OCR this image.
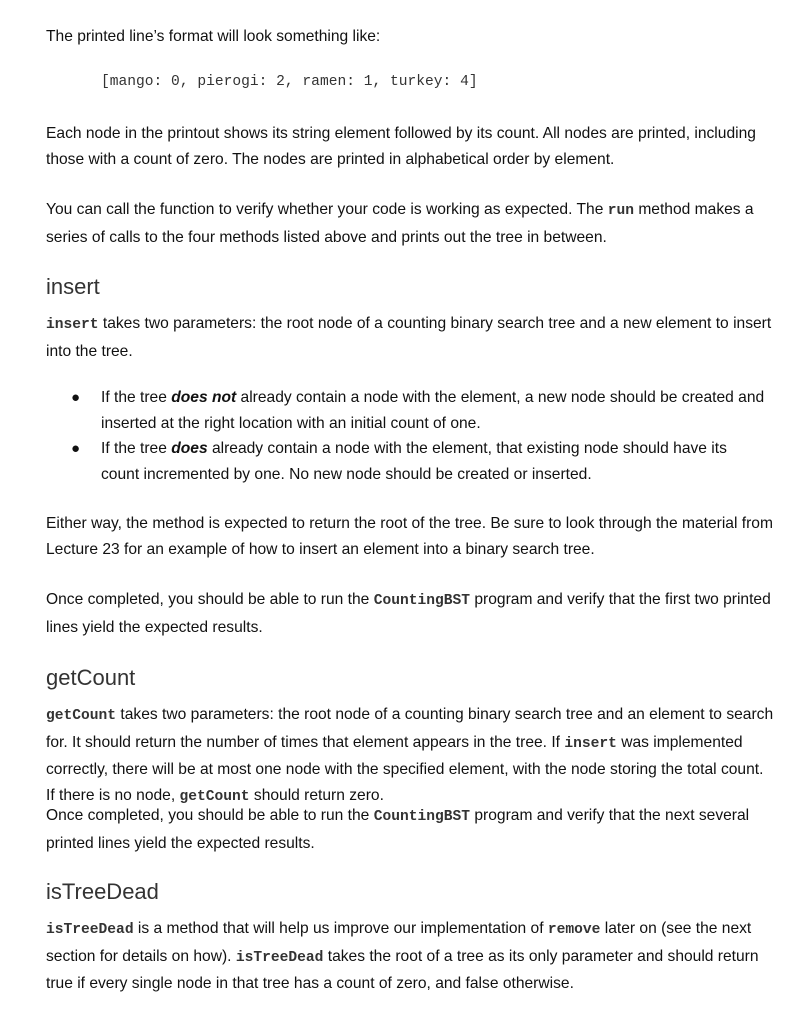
The printed line’s format will look something like:

[mango: 0, pierogi: 2, ramen: 1, turkey: 4]

Each node in the printout shows its string element followed by its count. All nodes are printed, including those with a count of zero. The nodes are printed in alphabetical order by element.

You can call the function to verify whether your code is working as expected. The run method makes a series of calls to the four methods listed above and prints out the tree in between.

insert

insert takes two parameters: the root node of a counting binary search tree and a new element to insert into the tree.

● If the tree does not already contain a node with the element, a new node should be created and inserted at the right location with an initial count of one.
● If the tree does already contain a node with the element, that existing node should have its count incremented by one. No new node should be created or inserted.

Either way, the method is expected to return the root of the tree. Be sure to look through the material from Lecture 23 for an example of how to insert an element into a binary search tree.

Once completed, you should be able to run the CountingBST program and verify that the first two printed lines yield the expected results.

getCount

getCount takes two parameters: the root node of a counting binary search tree and an element to search for. It should return the number of times that element appears in the tree. If insert was implemented correctly, there will be at most one node with the specified element, with the node storing the total count. If there is no node, getCount should return zero.

Once completed, you should be able to run the CountingBST program and verify that the next several printed lines yield the expected results.

isTreeDead

isTreeDead is a method that will help us improve our implementation of remove later on (see the next section for details on how). isTreeDead takes the root of a tree as its only parameter and should return true if every single node in that tree has a count of zero, and false otherwise.
